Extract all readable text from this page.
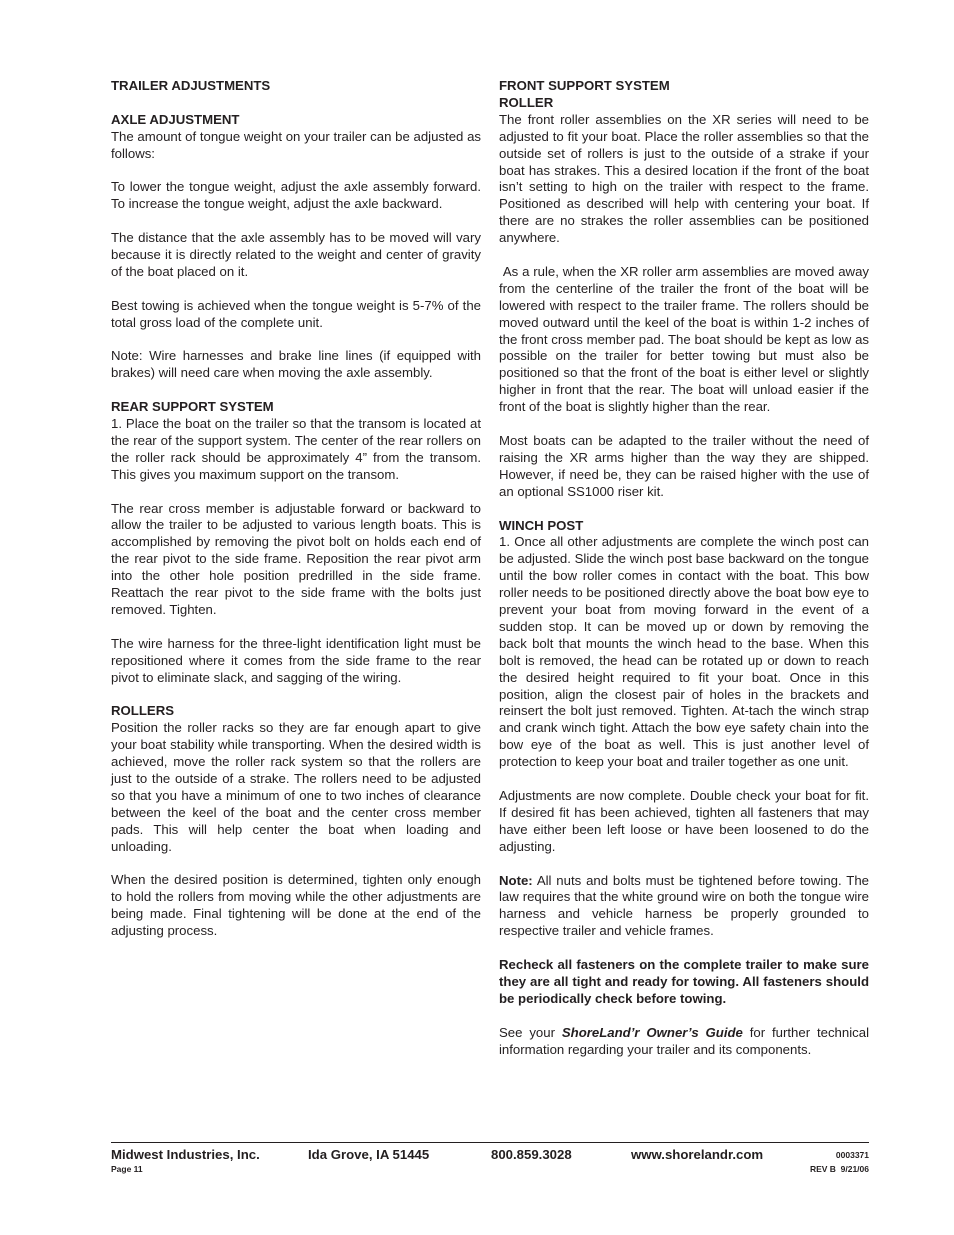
TRAILER ADJUSTMENTS

AXLE ADJUSTMENT

The amount of tongue weight on your trailer can be adjusted as follows:

To lower the tongue weight, adjust the axle assembly forward. To increase the tongue weight, adjust the axle backward.

The distance that the axle assembly has to be moved will vary because it is directly related to the weight and center of gravity of the boat placed on it.

Best towing is achieved when the tongue weight is 5-7% of the total gross load of the complete unit.

Note: Wire harnesses and brake line lines (if equipped with brakes) will need care when moving the axle assembly.

REAR SUPPORT SYSTEM

1. Place the boat on the trailer so that the transom is located at the rear of the support system. The center of the rear rollers on the roller rack should be approximately 4” from the transom. This gives you maximum support on the transom.

The rear cross member is adjustable forward or backward to allow the trailer to be adjusted to various length boats. This is accomplished by removing the pivot bolt on holds each end of the rear pivot to the side frame. Reposition the rear pivot arm into the other hole position predrilled in the side frame. Reattach the rear pivot to the side frame with the bolts just removed. Tighten.

The wire harness for the three-light identification light must be repositioned where it comes from the side frame to the rear pivot to eliminate slack, and sagging of the wiring.

ROLLERS

Position the roller racks so they are far enough apart to give your boat stability while transporting. When the desired width is achieved, move the roller rack system so that the rollers are just to the outside of a strake. The rollers need to be adjusted so that you have a minimum of one to two inches of clearance between the keel of the boat and the center cross member pads. This will help center the boat when loading and unloading.

When the desired position is determined, tighten only enough to hold the rollers from moving while the other adjustments are being made. Final tightening will be done at the end of the adjusting process.

FRONT SUPPORT SYSTEM
ROLLER

The front roller assemblies on the XR series will need to be adjusted to fit your boat. Place the roller assemblies so that the outside set of rollers is just to the outside of a strake if your boat has strakes. This a desired location if the front of the boat isn’t setting to high on the trailer with respect to the frame. Positioned as described will help with centering your boat. If there are no strakes the roller assemblies can be positioned anywhere.

As a rule, when the XR roller arm assemblies are moved away from the centerline of the trailer the front of the boat will be lowered with respect to the trailer frame. The rollers should be moved outward until the keel of the boat is within 1-2 inches of the front cross member pad. The boat should be kept as low as possible on the trailer for better towing but must also be positioned so that the front of the boat is either level or slightly higher in front that the rear. The boat will unload easier if the front of the boat is slightly higher than the rear.

Most boats can be adapted to the trailer without the need of raising the XR arms higher than the way they are shipped. However, if need be, they can be raised higher with the use of an optional SS1000 riser kit.

WINCH POST

1. Once all other adjustments are complete the winch post can be adjusted. Slide the winch post base backward on the tongue until the bow roller comes in contact with the boat. This bow roller needs to be positioned directly above the boat bow eye to prevent your boat from moving forward in the event of a sudden stop. It can be moved up or down by removing the back bolt that mounts the winch head to the base. When this bolt is removed, the head can be rotated up or down to reach the desired height required to fit your boat. Once in this position, align the closest pair of holes in the brackets and reinsert the bolt just removed. Tighten. At-tach the winch strap and crank winch tight. Attach the bow eye safety chain into the bow eye of the boat as well. This is just another level of protection to keep your boat and trailer together as one unit.

Adjustments are now complete. Double check your boat for fit. If desired fit has been achieved, tighten all fasteners that may have either been left loose or have been loosened to do the adjusting.

Note: All nuts and bolts must be tightened before towing. The law requires that the white ground wire on both the tongue wire harness and vehicle harness be properly grounded to respective trailer and vehicle frames.

Recheck all fasteners on the complete trailer to make sure they are all tight and ready for towing. All fasteners should be periodically check before towing.

See your ShoreLand’r Owner’s Guide for further technical information regarding your trailer and its components.

Midwest Industries, Inc.	Ida Grove, IA 51445	800.859.3028	www.shorelandr.com	0003371
Page 11	REV B  9/21/06
